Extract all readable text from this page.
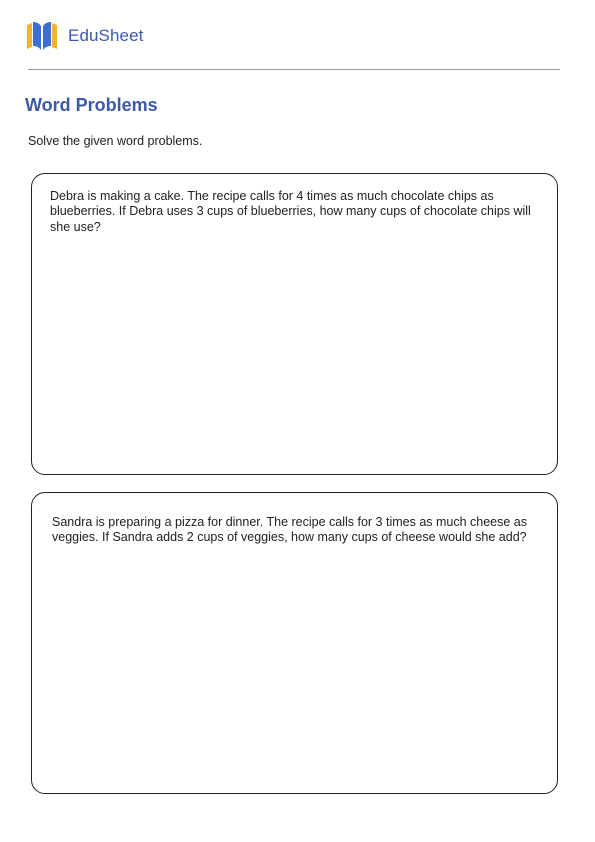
EduSheet
Word Problems

Solve the given word problems.

Debra is making a cake. The recipe calls for 4 times as much chocolate chips as blueberries. If Debra uses 3 cups of blueberries, how many cups of chocolate chips will she use?

Sandra is preparing a pizza for dinner. The recipe calls for 3 times as much cheese as veggies. If Sandra adds 2 cups of veggies, how many cups of cheese would she add?
